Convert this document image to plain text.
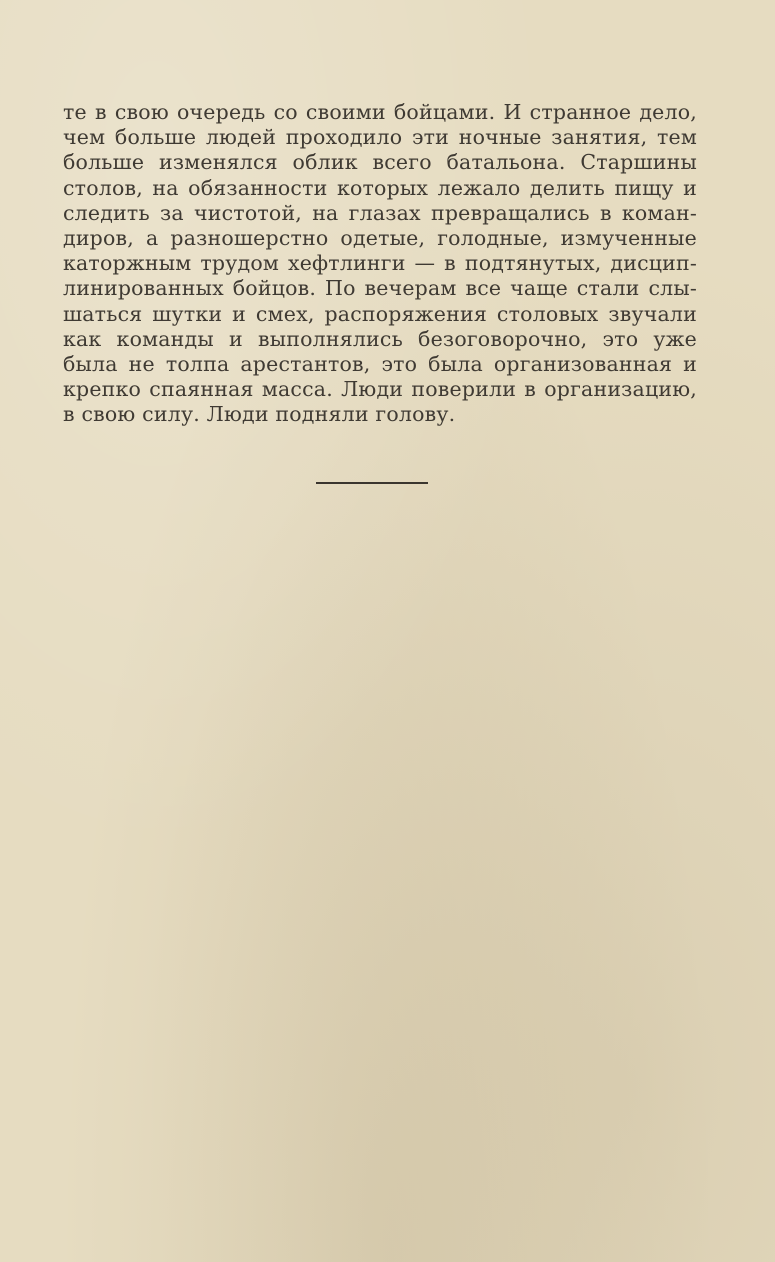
те в свою очередь со своими бойцами. И странное дело,
чем больше людей проходило эти ночные занятия, тем
больше изменялся облик всего батальона. Старшины
столов, на обязанности которых лежало делить пищу и
следить за чистотой, на глазах превращались в коман-
диров, а разношерстно одетые, голодные, измученные
каторжным трудом хефтлинги — в подтянутых, дисцип-
линированных бойцов. По вечерам все чаще стали слы-
шаться шутки и смех, распоряжения столовых звучали
как команды и выполнялись безоговорочно, это уже
была не толпа арестантов, это была организованная и
крепко спаянная масса. Люди поверили в организацию,
в свою силу. Люди подняли голову.
